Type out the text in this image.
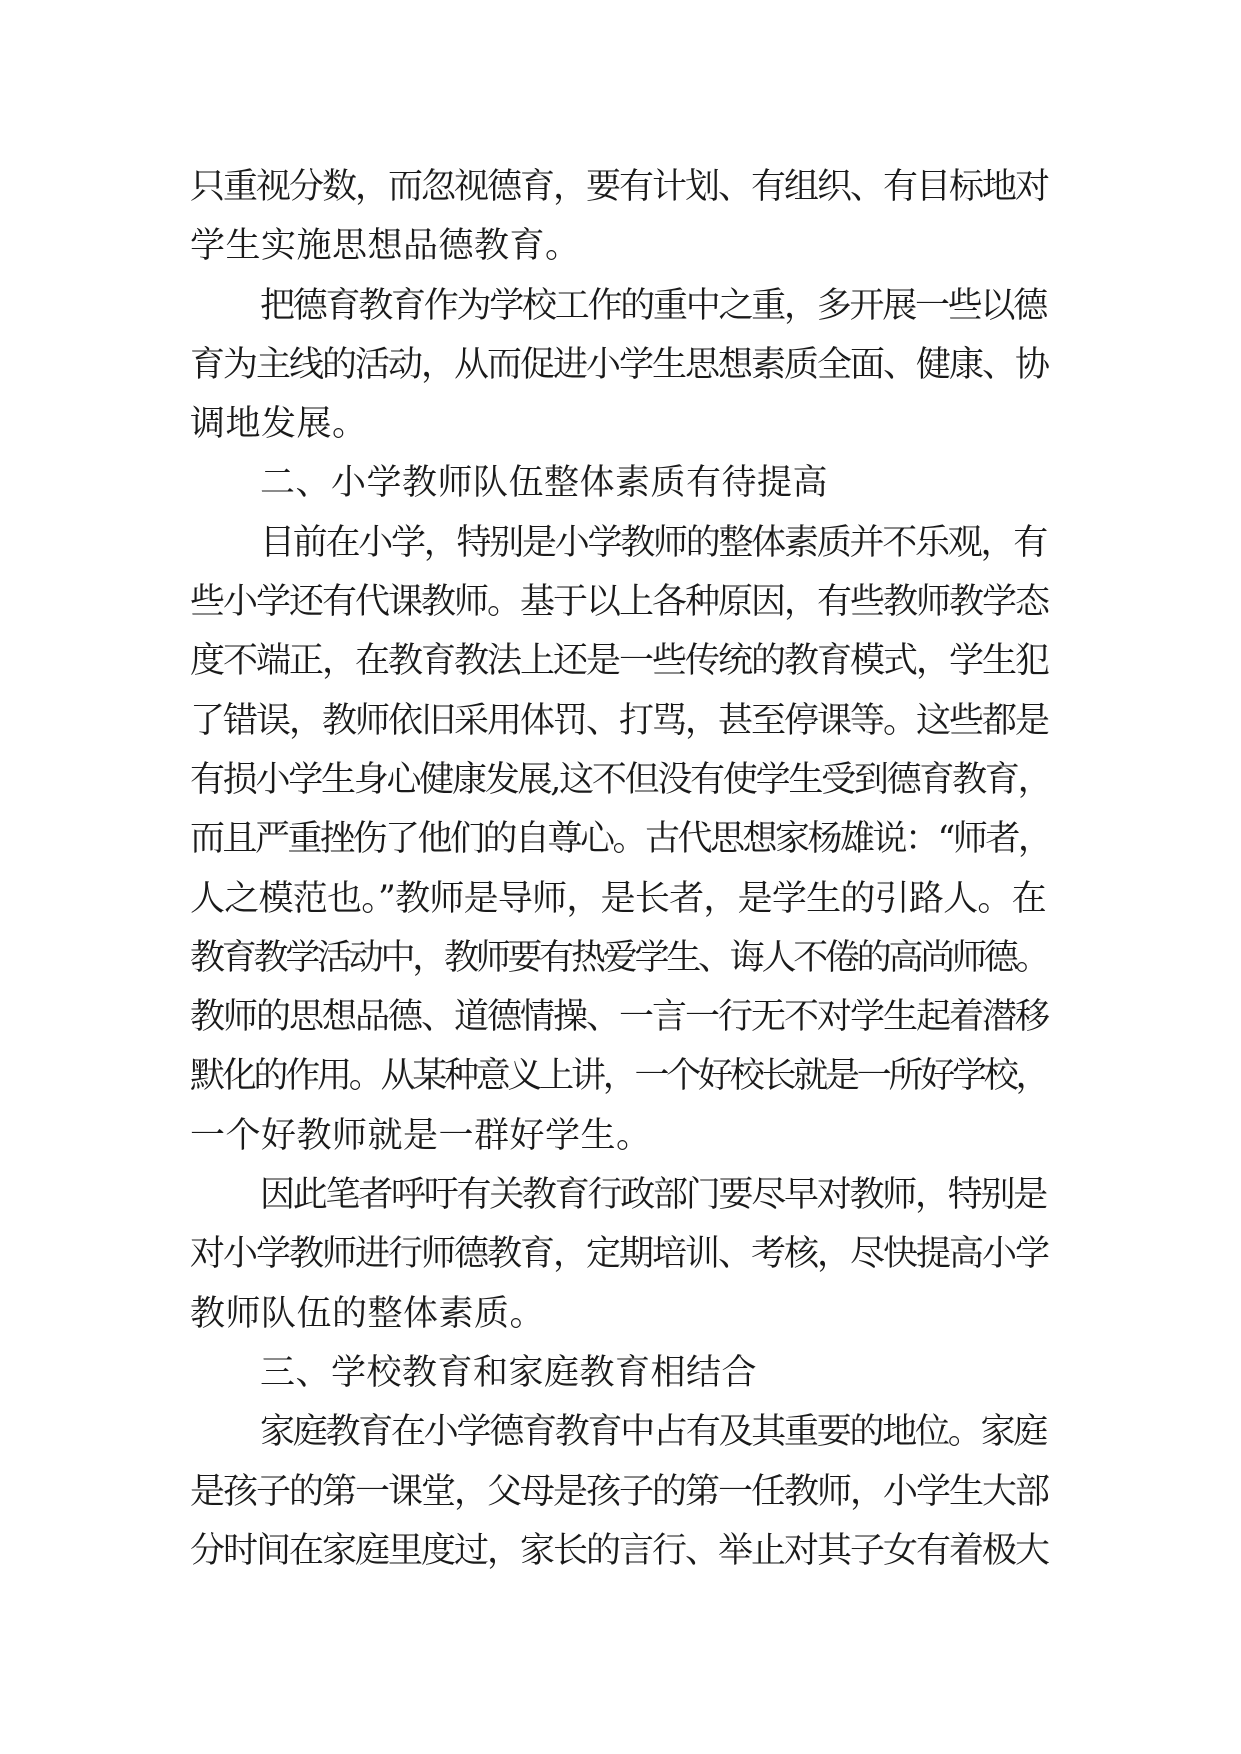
只重视分数，而忽视德育，要有计划、有组织、有目标地对
学生实施思想品德教育。
把德育教育作为学校工作的重中之重，多开展一些以德
育为主线的活动，从而促进小学生思想素质全面、健康、协
调地发展。
二、小学教师队伍整体素质有待提高
目前在小学，特别是小学教师的整体素质并不乐观，有
些小学还有代课教师。基于以上各种原因，有些教师教学态
度不端正，在教育教法上还是一些传统的教育模式，学生犯
了错误，教师依旧采用体罚、打骂，甚至停课等。这些都是
有损小学生身心健康发展,这不但没有使学生受到德育教育，
而且严重挫伤了他们的自尊心。古代思想家杨雄说：“师者，
人之模范也。”教师是导师，是长者，是学生的引路人。在
教育教学活动中，教师要有热爱学生、诲人不倦的高尚师德。
教师的思想品德、道德情操、一言一行无不对学生起着潜移
默化的作用。从某种意义上讲，一个好校长就是一所好学校，
一个好教师就是一群好学生。
因此笔者呼吁有关教育行政部门要尽早对教师，特别是
对小学教师进行师德教育，定期培训、考核，尽快提高小学
教师队伍的整体素质。
三、学校教育和家庭教育相结合
家庭教育在小学德育教育中占有及其重要的地位。家庭
是孩子的第一课堂，父母是孩子的第一任教师，小学生大部
分时间在家庭里度过，家长的言行、举止对其子女有着极大
